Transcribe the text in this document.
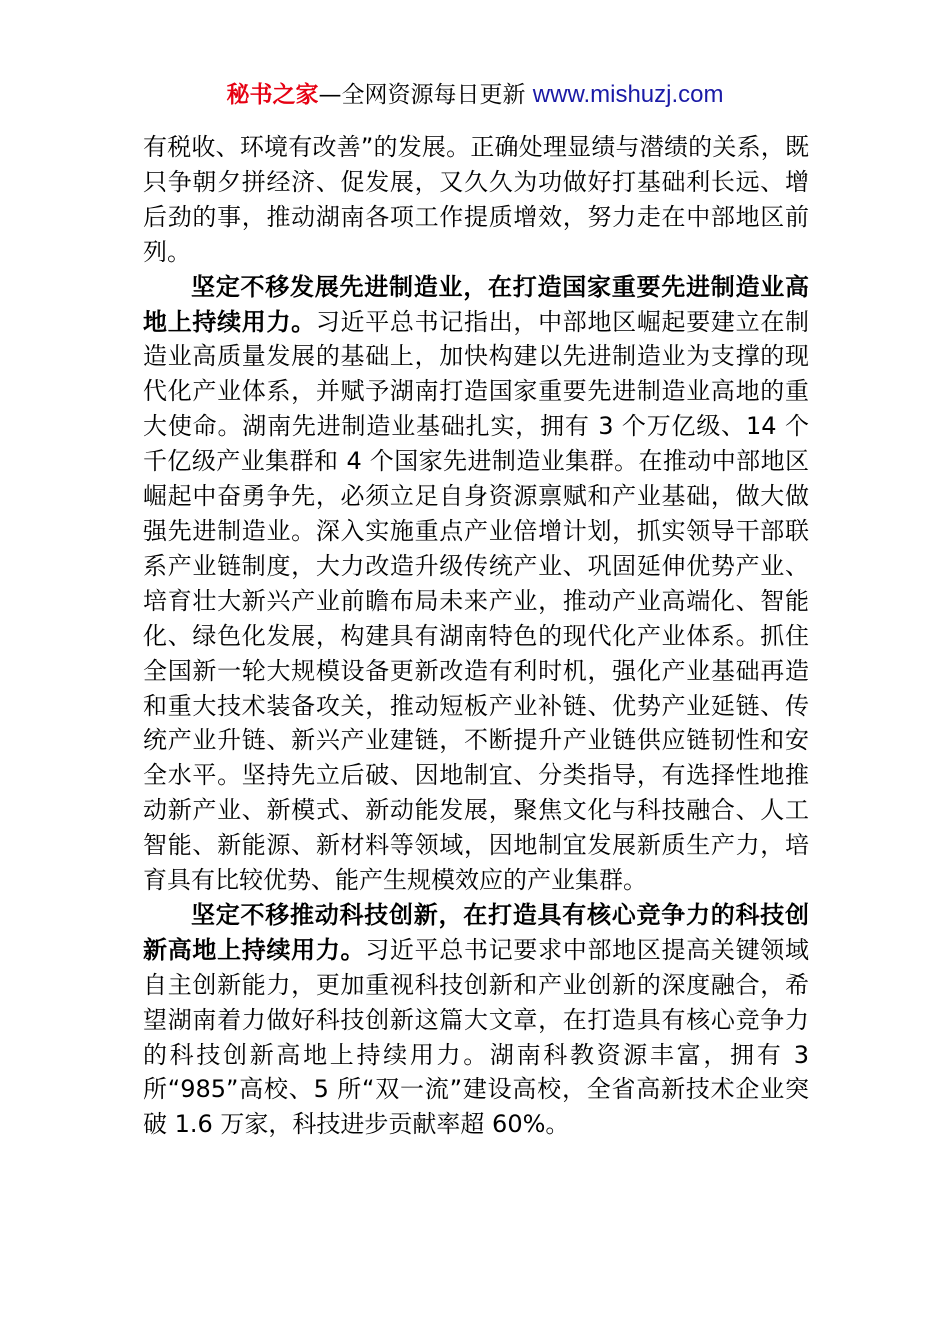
秘书之家—全网资源每日更新 www.mishuzj.com

有税收、环境有改善”的发展。正确处理显绩与潜绩的关系，既只争朝夕拼经济、促发展，又久久为功做好打基础利长远、增后劲的事，推动湖南各项工作提质增效，努力走在中部地区前列。

坚定不移发展先进制造业，在打造国家重要先进制造业高地上持续用力。习近平总书记指出，中部地区崛起要建立在制造业高质量发展的基础上，加快构建以先进制造业为支撑的现代化产业体系，并赋予湖南打造国家重要先进制造业高地的重大使命。湖南先进制造业基础扎实，拥有 3 个万亿级、14 个千亿级产业集群和 4 个国家先进制造业集群。在推动中部地区崛起中奋勇争先，必须立足自身资源禀赋和产业基础，做大做强先进制造业。深入实施重点产业倍增计划，抓实领导干部联系产业链制度，大力改造升级传统产业、巩固延伸优势产业、培育壮大新兴产业前瞻布局未来产业，推动产业高端化、智能化、绿色化发展，构建具有湖南特色的现代化产业体系。抓住全国新一轮大规模设备更新改造有利时机，强化产业基础再造和重大技术装备攻关，推动短板产业补链、优势产业延链、传统产业升链、新兴产业建链，不断提升产业链供应链韧性和安全水平。坚持先立后破、因地制宜、分类指导，有选择性地推动新产业、新模式、新动能发展，聚焦文化与科技融合、人工智能、新能源、新材料等领域，因地制宜发展新质生产力，培育具有比较优势、能产生规模效应的产业集群。

坚定不移推动科技创新，在打造具有核心竞争力的科技创新高地上持续用力。习近平总书记要求中部地区提高关键领域自主创新能力，更加重视科技创新和产业创新的深度融合，希望湖南着力做好科技创新这篇大文章，在打造具有核心竞争力的科技创新高地上持续用力。湖南科教资源丰富，拥有 3 所“985”高校、5 所“双一流”建设高校，全省高新技术企业突破 1.6 万家，科技进步贡献率超 60%。
